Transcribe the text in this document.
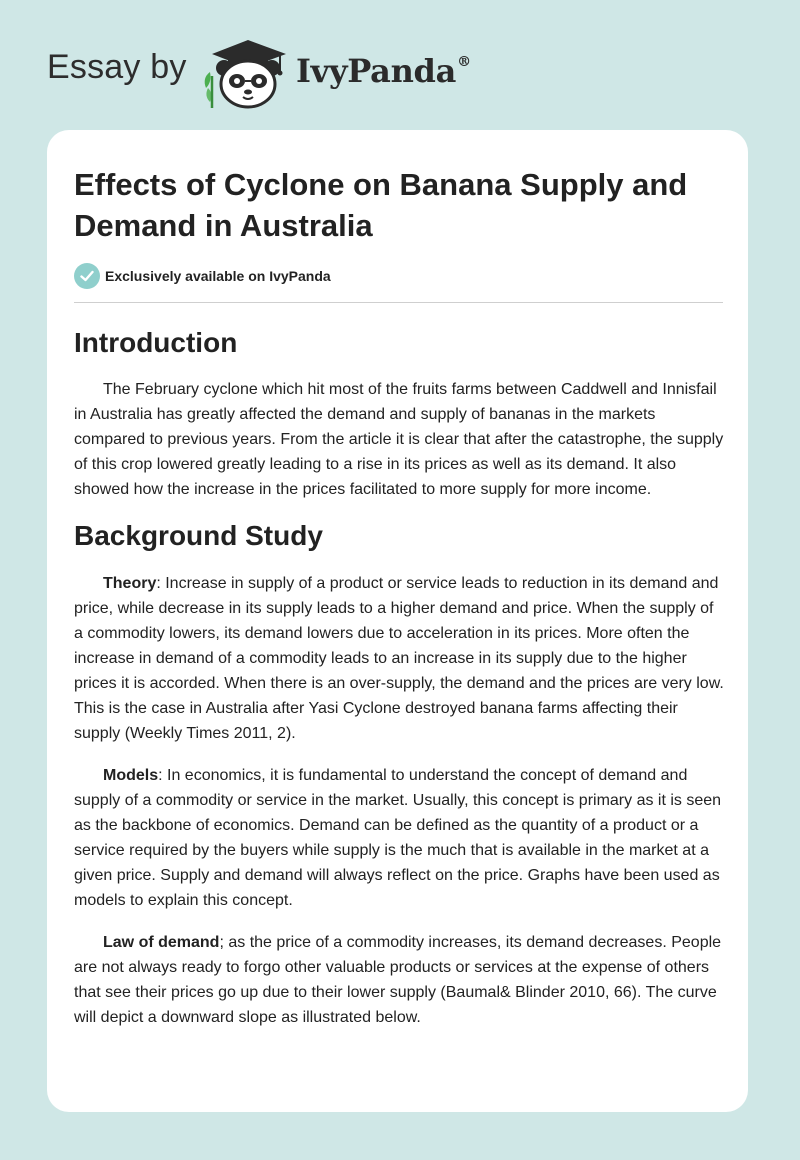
Essay by	IvyPanda®
Effects of Cyclone on Banana Supply and Demand in Australia
Exclusively available on IvyPanda
Introduction

The February cyclone which hit most of the fruits farms between Caddwell and Innisfail in Australia has greatly affected the demand and supply of bananas in the markets compared to previous years. From the article it is clear that after the catastrophe, the supply of this crop lowered greatly leading to a rise in its prices as well as its demand. It also showed how the increase in the prices facilitated to more supply for more income.

Background Study

Theory: Increase in supply of a product or service leads to reduction in its demand and price, while decrease in its supply leads to a higher demand and price. When the supply of a commodity lowers, its demand lowers due to acceleration in its prices. More often the increase in demand of a commodity leads to an increase in its supply due to the higher prices it is accorded. When there is an over-supply, the demand and the prices are very low. This is the case in Australia after Yasi Cyclone destroyed banana farms affecting their supply (Weekly Times 2011, 2).

Models: In economics, it is fundamental to understand the concept of demand and supply of a commodity or service in the market. Usually, this concept is primary as it is seen as the backbone of economics. Demand can be defined as the quantity of a product or a service required by the buyers while supply is the much that is available in the market at a given price. Supply and demand will always reflect on the price. Graphs have been used as models to explain this concept.

Law of demand; as the price of a commodity increases, its demand decreases. People are not always ready to forgo other valuable products or services at the expense of others that see their prices go up due to their lower supply (Baumal& Blinder 2010, 66). The curve will depict a downward slope as illustrated below.
